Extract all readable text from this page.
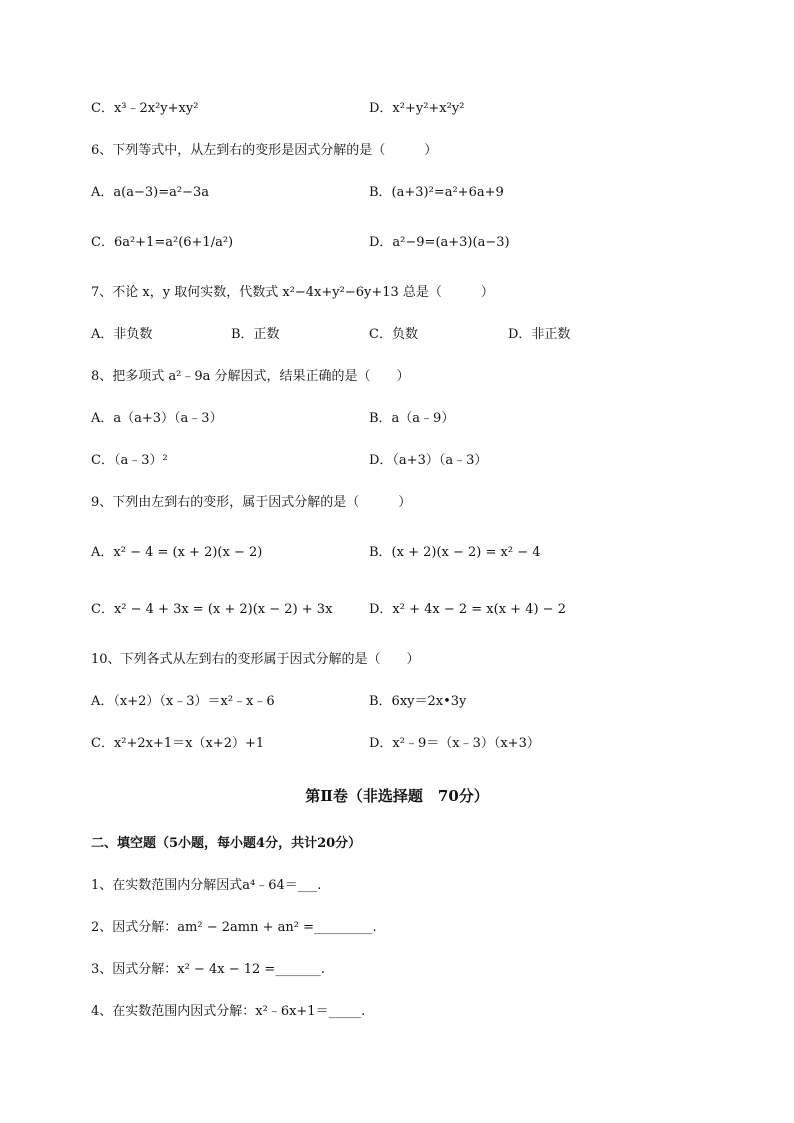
C．x³﹣2x²y+xy²	D．x²+y²+x²y²
6、下列等式中，从左到右的变形是因式分解的是（　　　）
A．a(a−3)=a²−3a	B．(a+3)²=a²+6a+9
C．6a²+1=a²(6+1/a²)	D．a²−9=(a+3)(a−3)
7、不论 x，y 取何实数，代数式 x²−4x+y²−6y+13 总是（　　　）
A．非负数	B．正数	C．负数	D．非正数
8、把多项式 a²﹣9a 分解因式，结果正确的是（　　）
A．a（a+3）（a﹣3）	B．a（a﹣9）
C．（a﹣3）²	D．（a+3）（a﹣3）
9、下列由左到右的变形，属于因式分解的是（　　　）
A．x² − 4 = (x + 2)(x − 2)	B．(x + 2)(x − 2) = x² − 4
C．x² − 4 + 3x = (x + 2)(x − 2) + 3x	D．x² + 4x − 2 = x(x + 4) − 2
10、下列各式从左到右的变形属于因式分解的是（　　）
A．（x+2）（x﹣3）＝x²﹣x﹣6	B．6xy＝2x•3y
C．x²+2x+1＝x（x+2）+1	D．x²﹣9＝（x﹣3）（x+3）
第Ⅱ卷（非选择题　70分）
二、填空题（5小题，每小题4分，共计20分）
1、在实数范围内分解因式a⁴﹣64＝___.
2、因式分解：am² − 2amn + an² =_________.
3、因式分解：x² − 4x − 12 =_______.
4、在实数范围内因式分解：x²﹣6x+1＝_____.
